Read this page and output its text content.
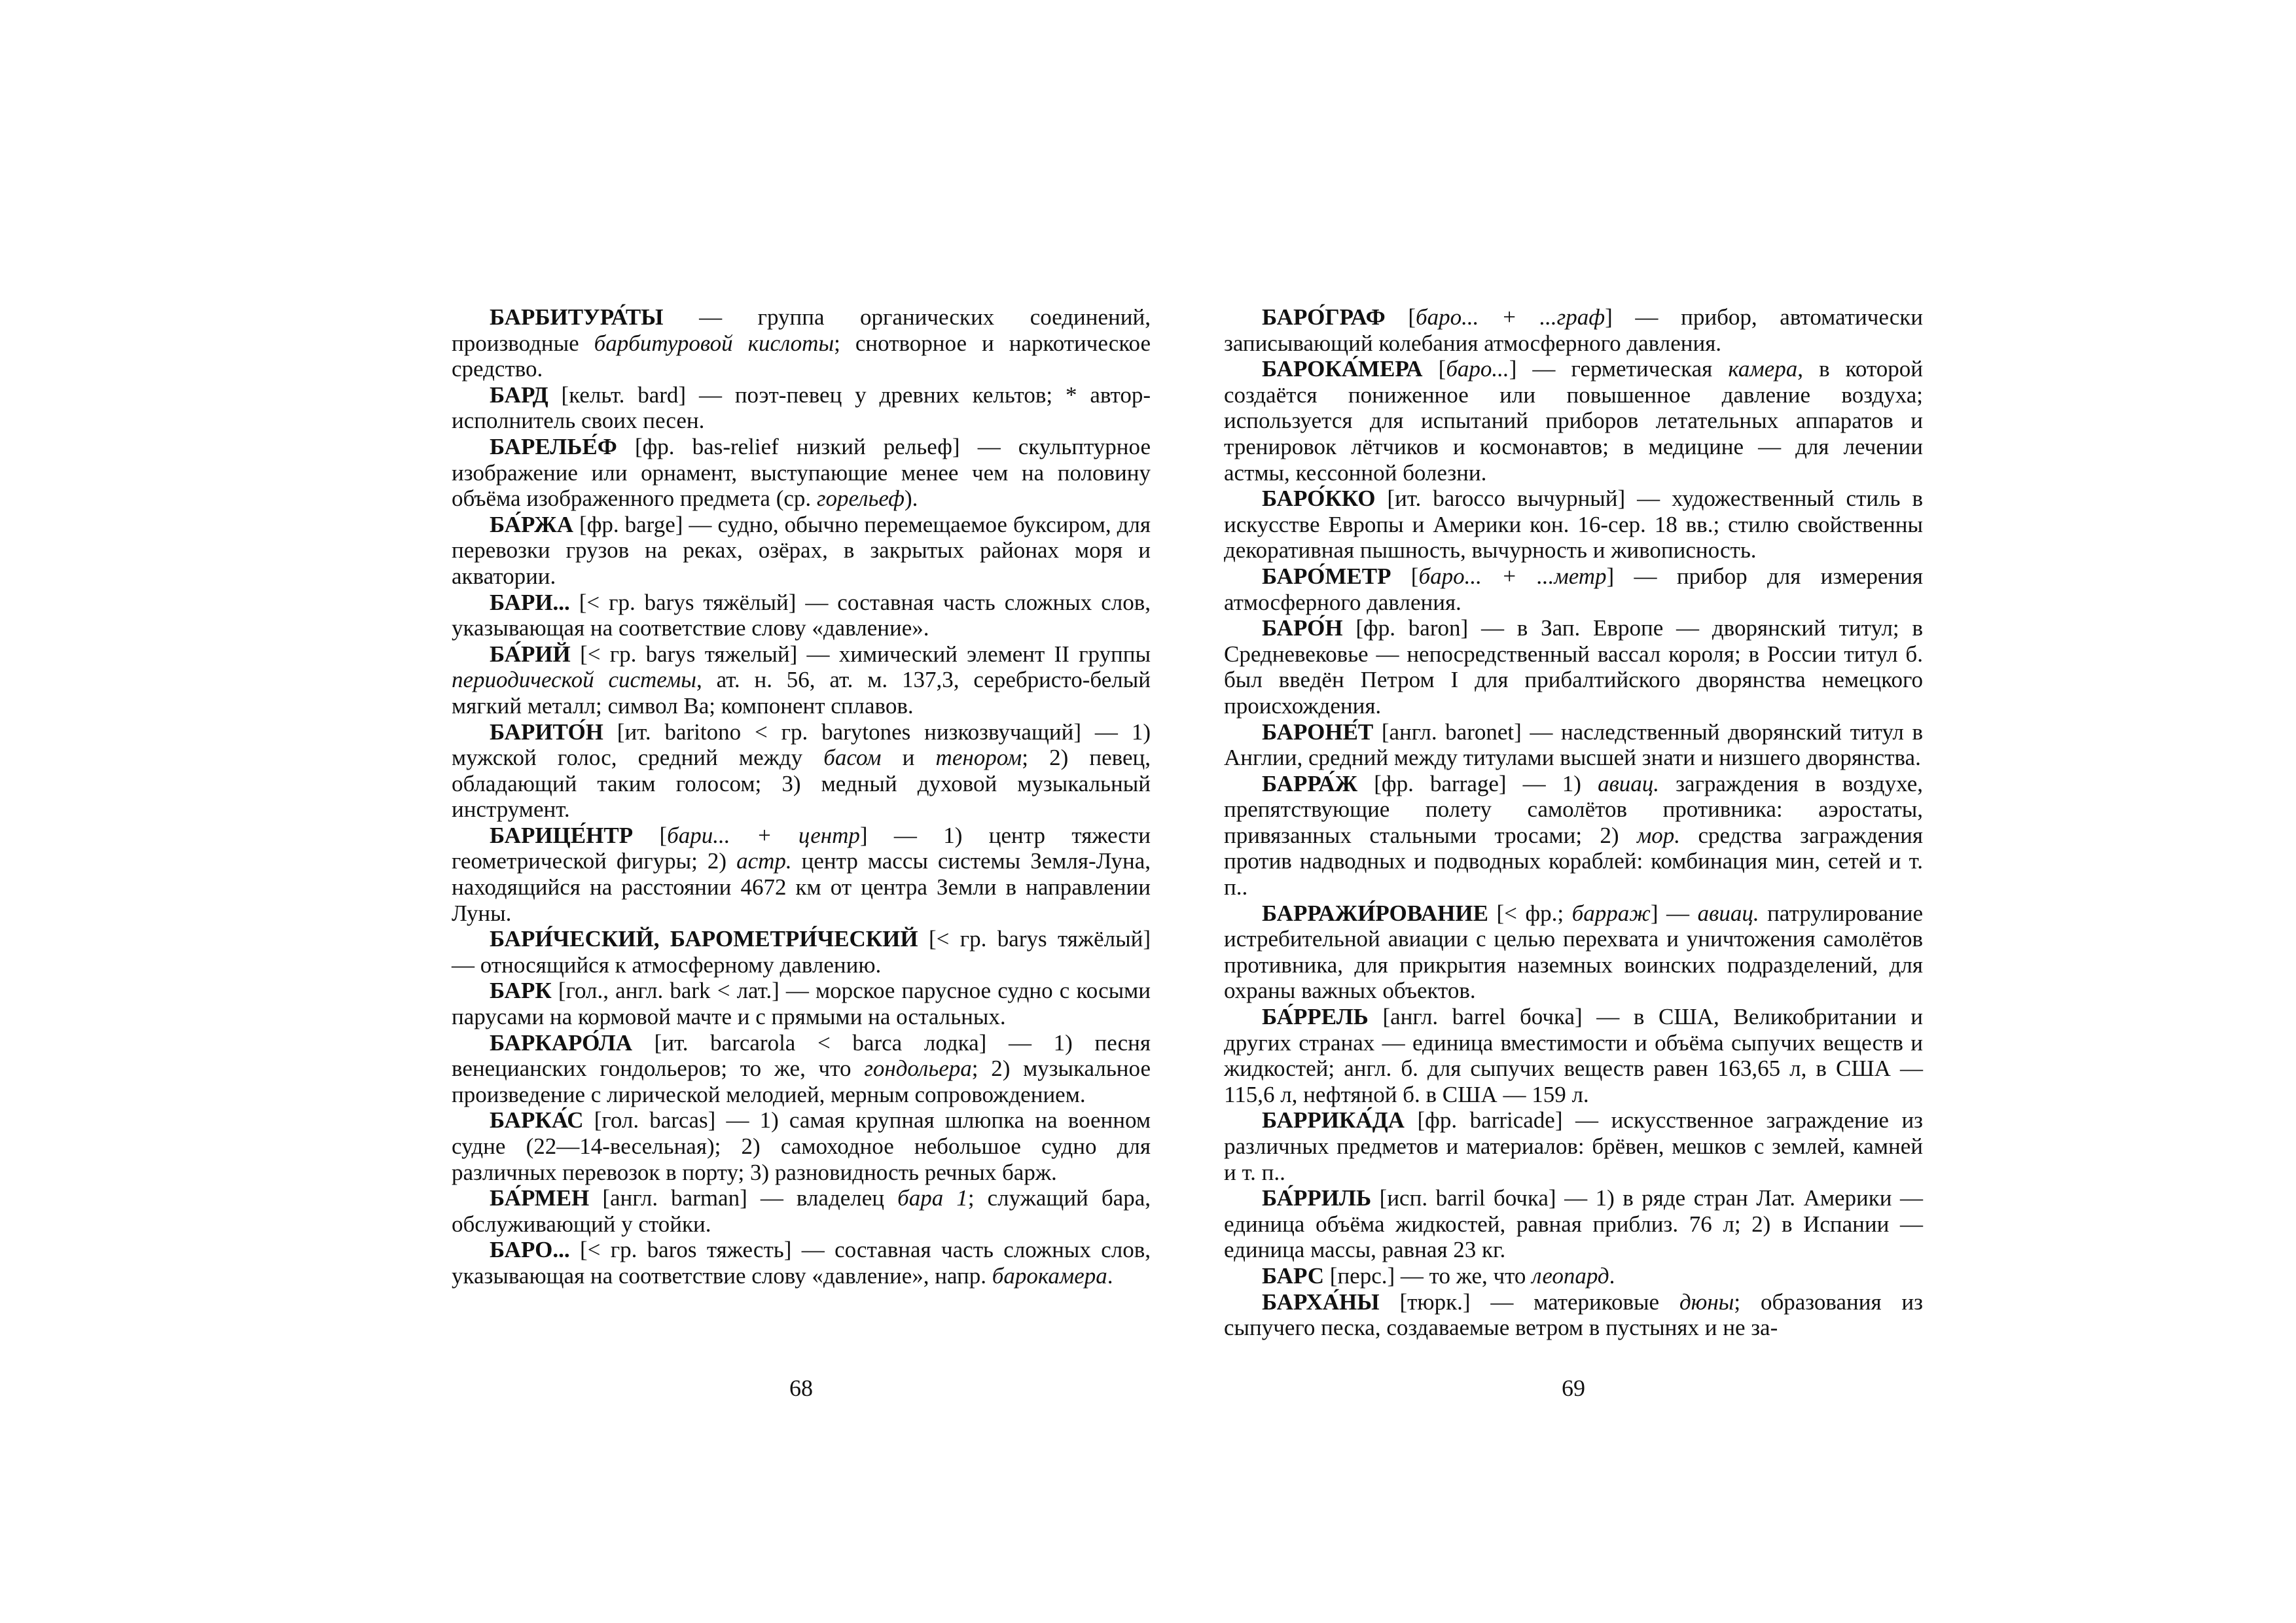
БАРБИТУРА́ТЫ — группа органических соединений, производные барбитуровой кислоты; снотворное и наркотическое средство.

БАРД [кельт. bard] — поэт-певец у древних кельтов; * автор-исполнитель своих песен.

БАРЕЛЬЕ́Ф [фр. bas-relief низкий рельеф] — скульптурное изображение или орнамент, выступающие менее чем на половину объёма изображенного предмета (ср. горельеф).

БА́РЖА [фр. barge] — судно, обычно перемещаемое буксиром, для перевозки грузов на реках, озёрах, в закрытых районах моря и акватории.

БАРИ... [< гр. barys тяжёлый] — составная часть сложных слов, указывающая на соответствие слову «давление».

БА́РИЙ [< гр. barys тяжелый] — химический элемент II группы периодической системы, ат. н. 56, ат. м. 137,3, серебристо-белый мягкий металл; символ Ba; компонент сплавов.

БАРИТО́Н [ит. baritono < гр. barytones низкозвучащий] — 1) мужской голос, средний между басом и тенором; 2) певец, обладающий таким голосом; 3) медный духовой музыкальный инструмент.

БАРИЦЕ́НТР [бари... + центр] — 1) центр тяжести геометрической фигуры; 2) астр. центр массы системы Земля-Луна, находящийся на расстоянии 4672 км от центра Земли в направлении Луны.

БАРИ́ЧЕСКИЙ, БАРОМЕТРИ́ЧЕСКИЙ [< гр. barys тяжёлый] — относящийся к атмосферному давлению.

БАРК [гол., англ. bark < лат.] — морское парусное судно с косыми парусами на кормовой мачте и с прямыми на остальных.

БАРКАРО́ЛА [ит. barcarola < barca лодка] — 1) песня венецианских гондольеров; то же, что гондольера; 2) музыкальное произведение с лирической мелодией, мерным сопровождением.

БАРКА́С [гол. barcas] — 1) самая крупная шлюпка на военном судне (22—14-весельная); 2) самоходное небольшое судно для различных перевозок в порту; 3) разновидность речных барж.

БА́РМЕН [англ. barman] — владелец бара 1; служащий бара, обслуживающий у стойки.

БАРО... [< гр. baros тяжесть] — составная часть сложных слов, указывающая на соответствие слову «давление», напр. барокамера.

68

БАРО́ГРАФ [баро... + ...граф] — прибор, автоматически записывающий колебания атмосферного давления.

БАРОКА́МЕРА [баро...] — герметическая камера, в которой создаётся пониженное или повышенное давление воздуха; используется для испытаний приборов летательных аппаратов и тренировок лётчиков и космонавтов; в медицине — для лечении астмы, кессонной болезни.

БАРО́ККО [ит. barocco вычурный] — художественный стиль в искусстве Европы и Америки кон. 16-сер. 18 вв.; стилю свойственны декоративная пышность, вычурность и живописность.

БАРО́МЕТР [баро... + ...метр] — прибор для измерения атмосферного давления.

БАРО́Н [фр. baron] — в Зап. Европе — дворянский титул; в Средневековье — непосредственный вассал короля; в России титул б. был введён Петром I для прибалтийского дворянства немецкого происхождения.

БАРОНЕ́Т [англ. baronet] — наследственный дворянский титул в Англии, средний между титулами высшей знати и низшего дворянства.

БАРРА́Ж [фр. barrage] — 1) авиац. заграждения в воздухе, препятствующие полету самолётов противника: аэростаты, привязанных стальными тросами; 2) мор. средства заграждения против надводных и подводных кораблей: комбинация мин, сетей и т. п..

БАРРАЖИ́РОВАНИЕ [< фр.; барраж] — авиац. патрулирование истребительной авиации с целью перехвата и уничтожения самолётов противника, для прикрытия наземных воинских подразделений, для охраны важных объектов.

БА́РРЕЛЬ [англ. barrel бочка] — в США, Великобритании и других странах — единица вместимости и объёма сыпучих веществ и жидкостей; англ. б. для сыпучих веществ равен 163,65 л, в США — 115,6 л, нефтяной б. в США — 159 л.

БАРРИКА́ДА [фр. barricade] — искусственное заграждение из различных предметов и материалов: брёвен, мешков с землей, камней и т. п..

БА́РРИЛЬ [исп. barril бочка] — 1) в ряде стран Лат. Америки — единица объёма жидкостей, равная приблиз. 76 л; 2) в Испании — единица массы, равная 23 кг.

БАРС [перс.] — то же, что леопард.

БАРХА́НЫ [тюрк.] — материковые дюны; образования из сыпучего песка, создаваемые ветром в пустынях и не за-

69
